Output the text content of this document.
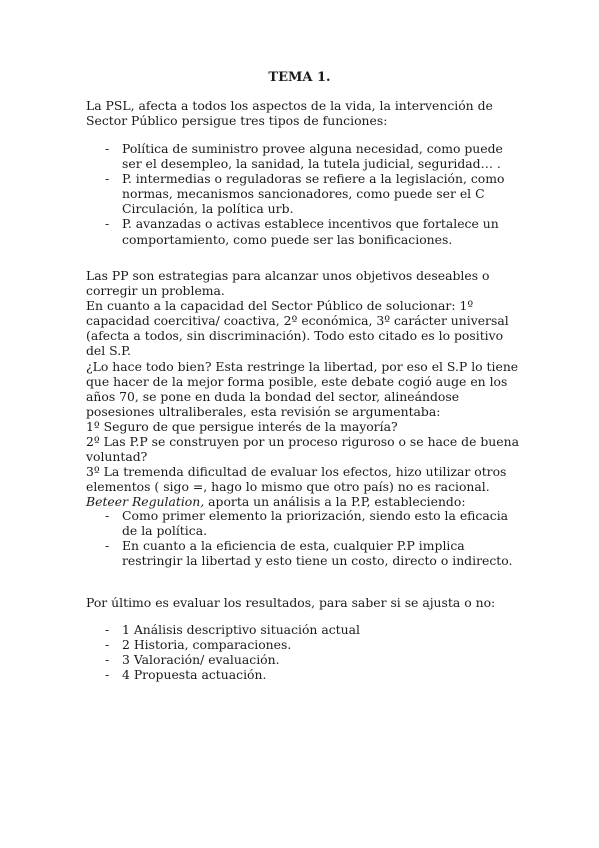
TEMA 1.
La PSL, afecta a todos los aspectos de la vida, la intervención de Sector Público persigue tres tipos de funciones:
- Política de suministro provee alguna necesidad, como puede ser el desempleo, la sanidad, la tutela judicial, seguridad… .
- P. intermedias o reguladoras se refiere a la legislación, como normas, mecanismos sancionadores, como puede ser el C Circulación, la política urb.
- P. avanzadas o activas establece incentivos que fortalece un comportamiento, como puede ser las bonificaciones.

Las PP son estrategias para alcanzar unos objetivos deseables o corregir un problema.

En cuanto a la capacidad del Sector Público de solucionar: 1º capacidad coercitiva/ coactiva, 2º económica, 3º carácter universal (afecta a todos, sin discriminación). Todo esto citado es lo positivo del S.P.

¿Lo hace todo bien? Esta restringe la libertad, por eso el S.P lo tiene que hacer de la mejor forma posible, este debate cogió auge en los años 70, se pone en duda la bondad del sector, alineándose posesiones ultraliberales, esta revisión se argumentaba:

1º Seguro de que persigue interés de la mayoría?

2º Las P.P se construyen por un proceso riguroso o se hace de buena voluntad?

3º La tremenda dificultad de evaluar los efectos, hizo utilizar otros elementos ( sigo =, hago lo mismo que otro país) no es racional.

Beteer Regulation, aporta un análisis a la P.P, estableciendo:

- Como primer elemento la priorización, siendo esto la eficacia de la política.
- En cuanto a la eficiencia de esta, cualquier P.P implica restringir la libertad y esto tiene un costo, directo o indirecto.
Por último es evaluar los resultados, para saber si se ajusta o no:
- 1 Análisis descriptivo situación actual
- 2 Historia, comparaciones.
- 3 Valoración/ evaluación.
- 4 Propuesta actuación.
